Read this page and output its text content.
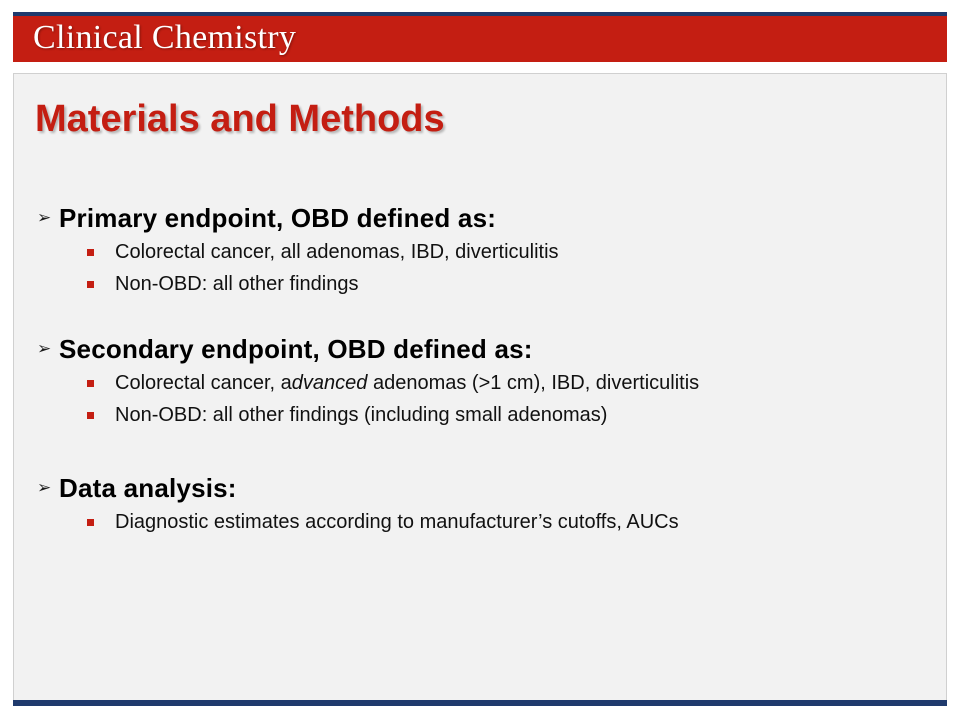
Clinical Chemistry
Materials and Methods
➢ Primary endpoint, OBD defined as:
Colorectal cancer, all adenomas, IBD, diverticulitis
Non-OBD: all other findings
➢ Secondary endpoint, OBD defined as:
Colorectal cancer, advanced adenomas (>1 cm), IBD, diverticulitis
Non-OBD: all other findings (including small adenomas)
➢ Data analysis:
Diagnostic estimates according to manufacturer’s cutoffs, AUCs
